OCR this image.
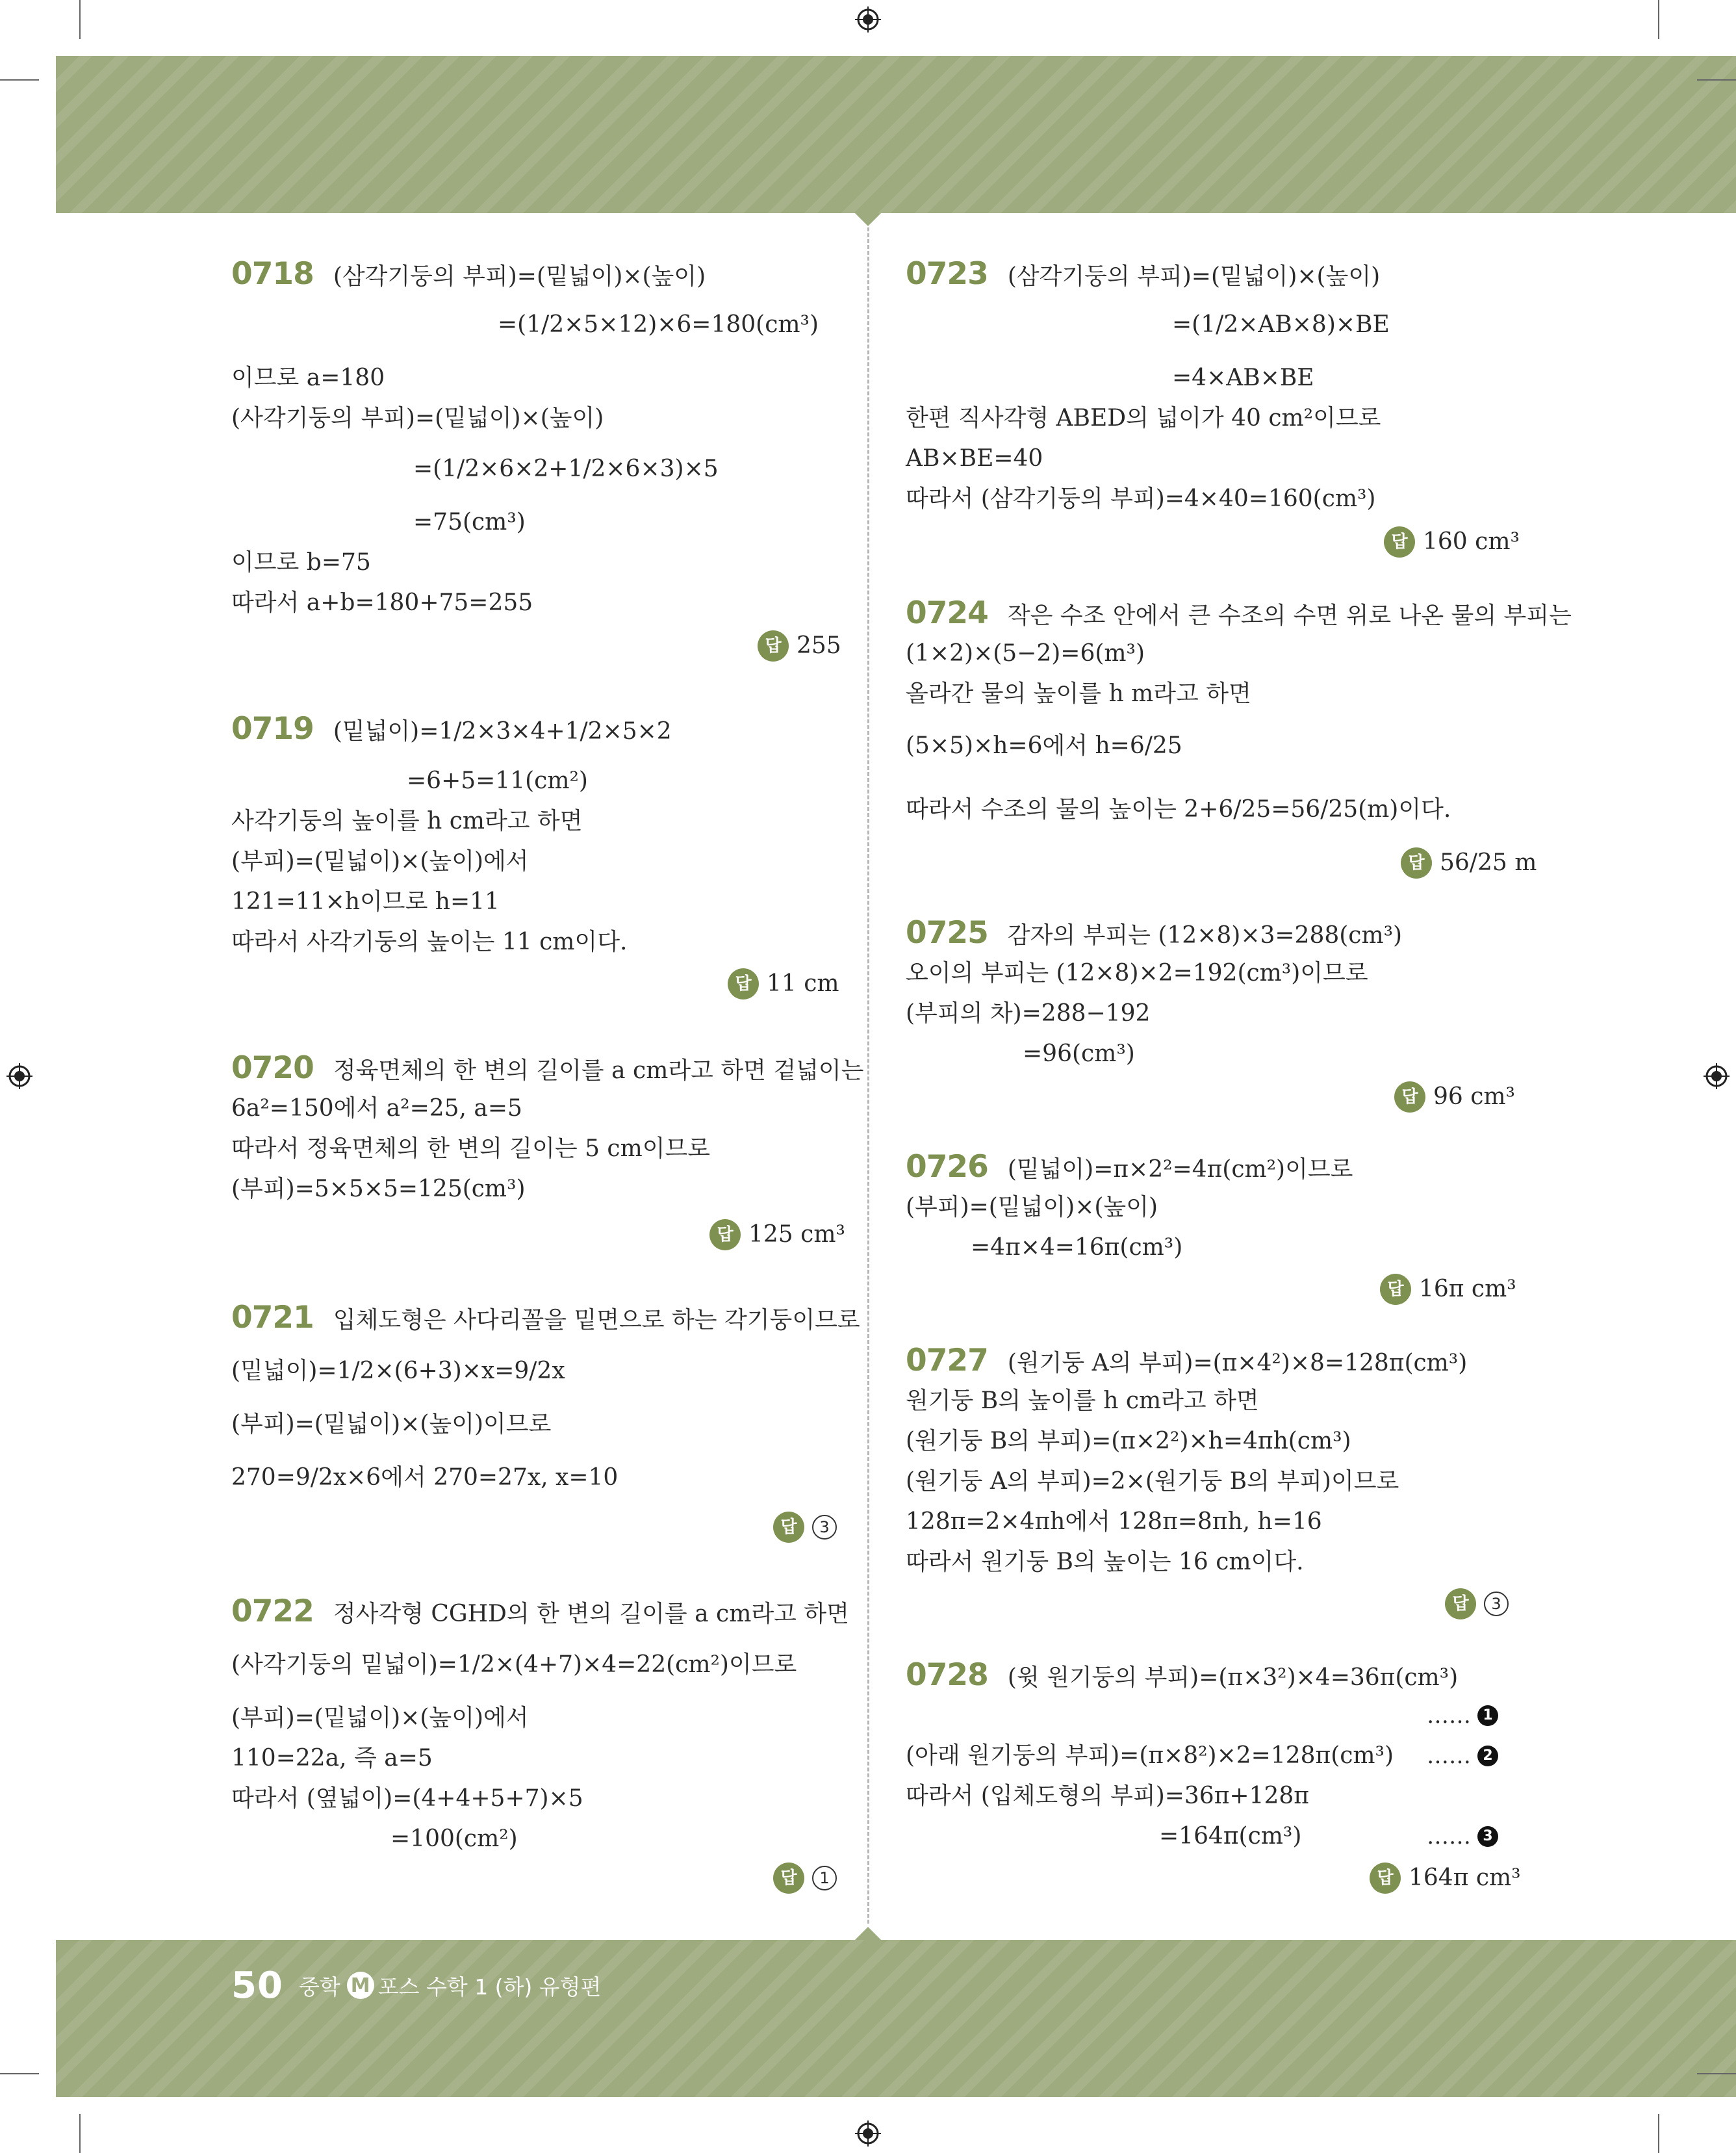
50 중학 M 포스 수학 1 (하) 유형편
0718 (삼각기둥의 부피)=(밑넓이)×(높이)
=(1/2×5×12)×6=180(cm³)
이므로 a=180
(사각기둥의 부피)=(밑넓이)×(높이)
=(1/2×6×2+1/2×6×3)×5
=75(cm³)
이므로 b=75
따라서 a+b=180+75=255
답 255
0719 (밑넓이)=1/2×3×4+1/2×5×2
=6+5=11(cm²)
사각기둥의 높이를 h cm라고 하면
(부피)=(밑넓이)×(높이)에서
121=11×h이므로 h=11
따라서 사각기둥의 높이는 11 cm이다.
답 11 cm
0720 정육면체의 한 변의 길이를 a cm라고 하면 겉넓이는
6a²=150에서 a²=25, a=5
따라서 정육면체의 한 변의 길이는 5 cm이므로
(부피)=5×5×5=125(cm³)
답 125 cm³
0721 입체도형은 사다리꼴을 밑면으로 하는 각기둥이므로
(밑넓이)=1/2×(6+3)×x=9/2x
(부피)=(밑넓이)×(높이)이므로
270=9/2x×6에서 270=27x, x=10
답	3
0722 정사각형 CGHD의 한 변의 길이를 a cm라고 하면
(사각기둥의 밑넓이)=1/2×(4+7)×4=22(cm²)이므로
(부피)=(밑넓이)×(높이)에서
110=22a, 즉 a=5
따라서 (옆넓이)=(4+4+5+7)×5
=100(cm²)
답	1
0723 (삼각기둥의 부피)=(밑넓이)×(높이)
=(1/2×AB×8)×BE
=4×AB×BE
한편 직사각형 ABED의 넓이가 40 cm²이므로
AB×BE=40
따라서 (삼각기둥의 부피)=4×40=160(cm³)
답 160 cm³
0724 작은 수조 안에서 큰 수조의 수면 위로 나온 물의 부피는
(1×2)×(5−2)=6(m³)
올라간 물의 높이를 h m라고 하면
(5×5)×h=6에서 h=6/25
따라서 수조의 물의 높이는 2+6/25=56/25(m)이다.
답 56/25 m
0725 감자의 부피는 (12×8)×3=288(cm³)
오이의 부피는 (12×8)×2=192(cm³)이므로
(부피의 차)=288−192
=96(cm³)
답 96 cm³
0726 (밑넓이)=π×2²=4π(cm²)이므로
(부피)=(밑넓이)×(높이)
=4π×4=16π(cm³)
답 16π cm³
0727 (원기둥 A의 부피)=(π×4²)×8=128π(cm³)
원기둥 B의 높이를 h cm라고 하면
(원기둥 B의 부피)=(π×2²)×h=4πh(cm³)
(원기둥 A의 부피)=2×(원기둥 B의 부피)이므로
128π=2×4πh에서 128π=8πh, h=16
따라서 원기둥 B의 높이는 16 cm이다.
답	3
0728 (윗 원기둥의 부피)=(π×3²)×4=36π(cm³)
(아래 원기둥의 부피)=(π×8²)×2=128π(cm³)
따라서 (입체도형의 부피)=36π+128π
=164π(cm³)
…… 1
…… 2
…… 3
답 164π cm³
